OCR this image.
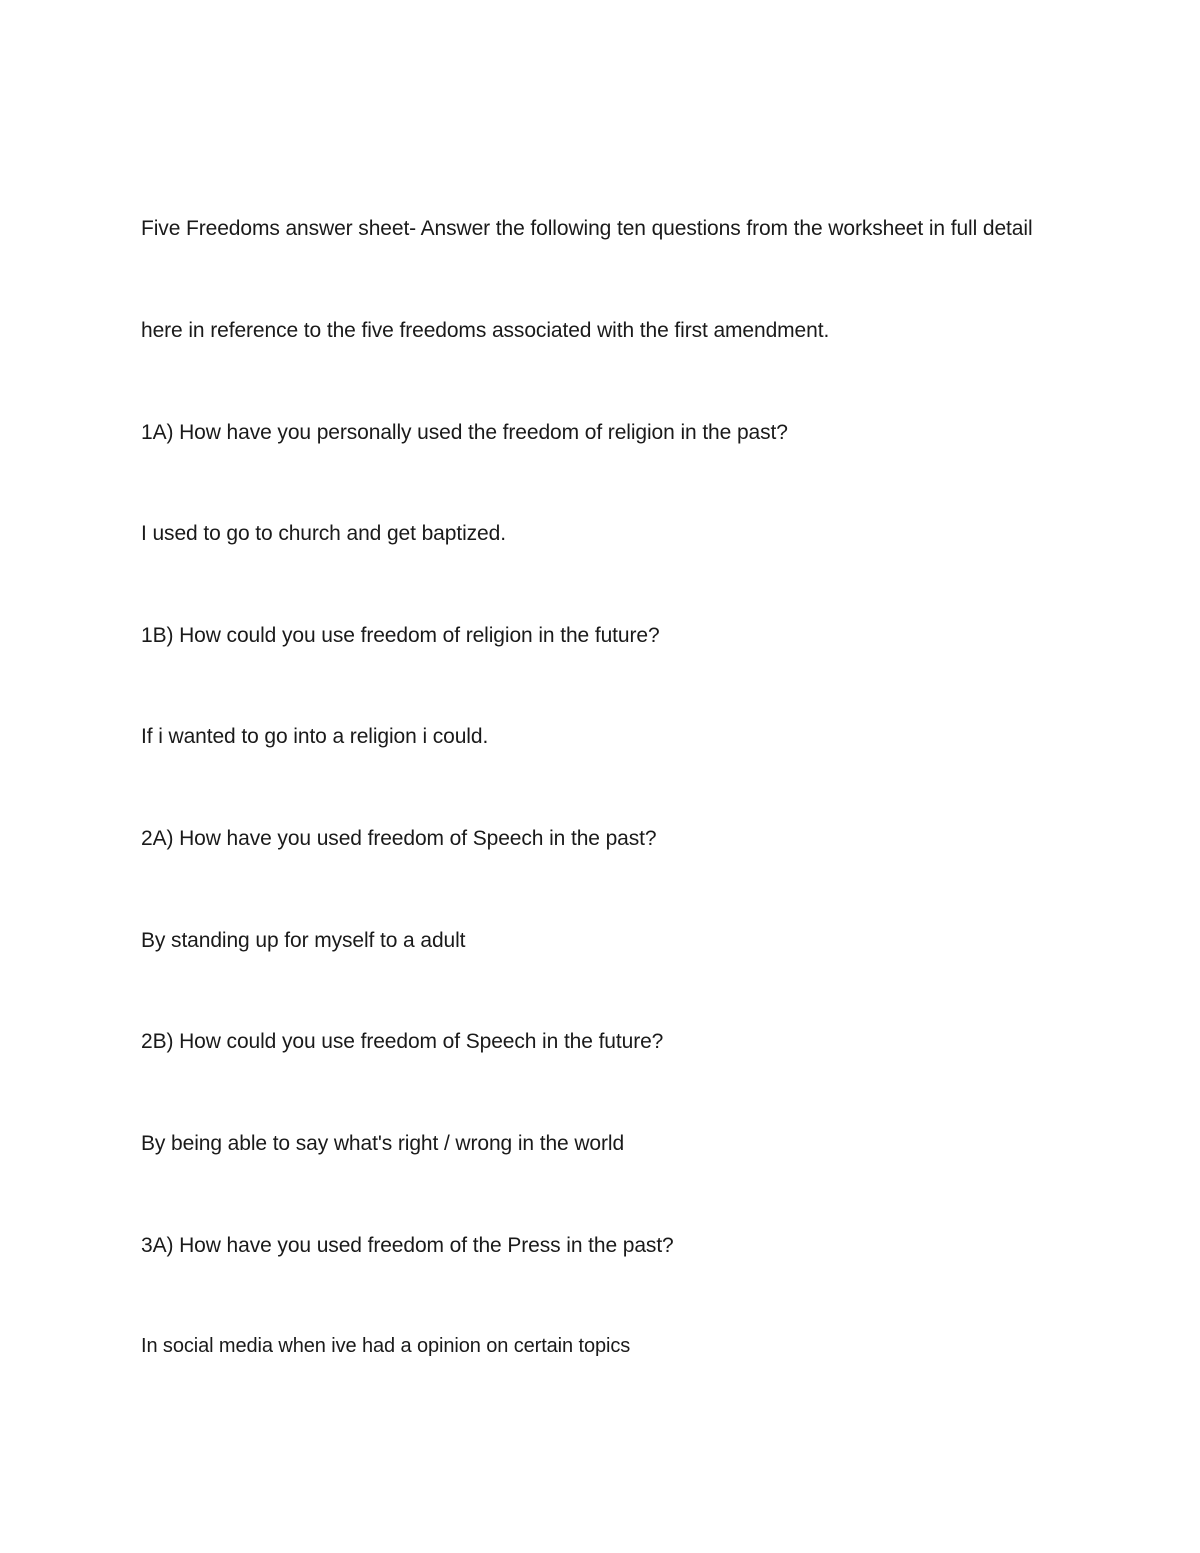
Five Freedoms answer sheet- Answer the following ten questions from the worksheet in full detail
here in reference to the five freedoms associated with the first amendment.
1A) How have you personally used the freedom of religion in the past?
I used to go to church and get baptized.
1B) How could you use freedom of religion in the future?
If i wanted to go into a religion i could.
2A) How have you used freedom of Speech in the past?
By standing up for myself to a adult
2B) How could you use freedom of Speech in the future?
By being able to say what's right / wrong in the world
3A) How have you used freedom of the Press in the past?
In social media when ive had a opinion on certain topics
